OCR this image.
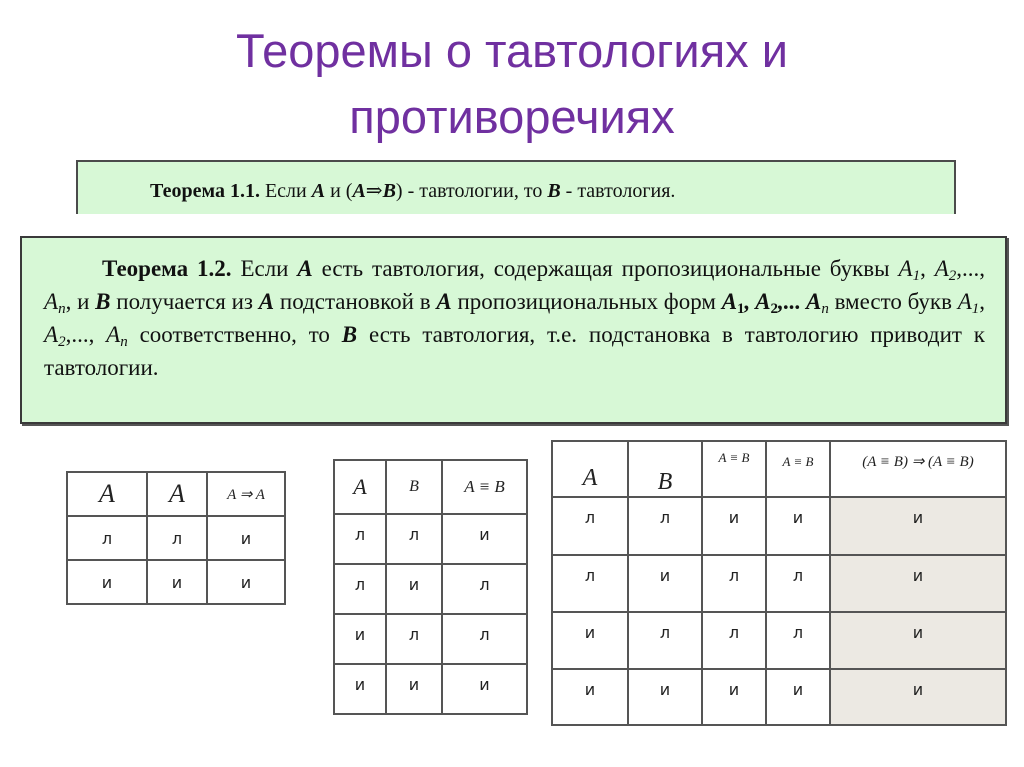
Теоремы о тавтологиях и противоречиях
Теорема 1.1. Если A и (A⇒B) - тавтологии, то B - тавтология.
Теорема 1.2. Если A есть тавтология, содержащая пропозициональные буквы $A_1$, $A_2$,..., $A_n$, и B получается из A подстановкой в A пропозициональных форм $A_1$, $A_2$,... $A_n$ вместо букв $A_1$, $A_2$,..., $A_n$ соответственно, то B есть тавтология, т.е. подстановка в тавтологию приводит к тавтологии.
A	A	A ⇒ A
л	л	и
и	и	и
A	B	A ≡ B
л	л	и
л	и	л
и	л	л
и	и	и
A	B	A ≡ B	A ≡ B	(A ≡ B) ⇒ (A ≡ B)
л	л	и	и	и
л	и	л	л	и
и	л	л	л	и
и	и	и	и	и
